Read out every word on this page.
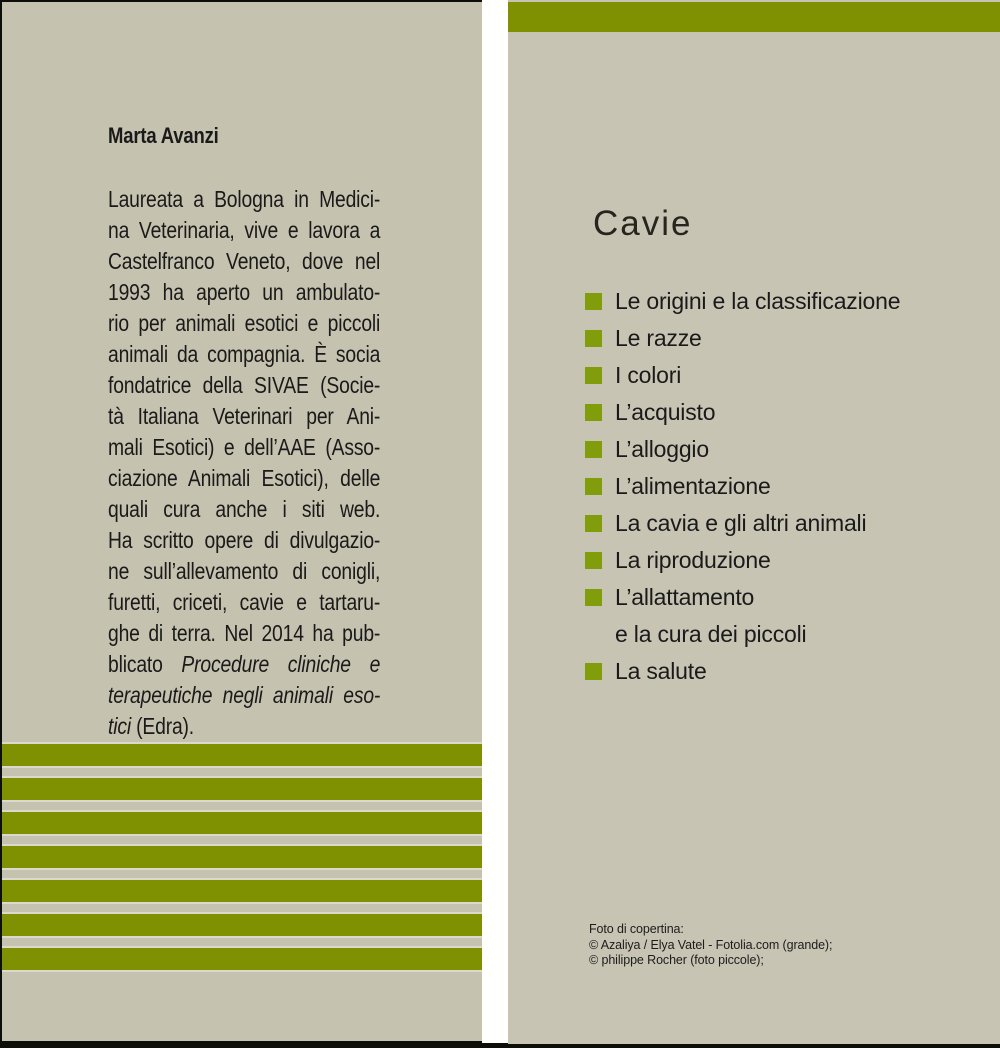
Marta Avanzi
Laureata a Bologna in Medici-
na Veterinaria, vive e lavora a
Castelfranco Veneto, dove nel
1993 ha aperto un ambulato-
rio per animali esotici e piccoli
animali da compagnia. È socia
fondatrice della SIVAE (Socie-
tà Italiana Veterinari per Ani-
mali Esotici) e dell’AAE (Asso-
ciazione Animali Esotici), delle
quali cura anche i siti web.
Ha scritto opere di divulgazio-
ne sull’allevamento di conigli,
furetti, criceti, cavie e tartaru-
ghe di terra. Nel 2014 ha pub-
blicato Procedure cliniche e
terapeutiche negli animali eso-
tici (Edra).
Cavie
Le origini e la classificazione
Le razze
I colori
L’acquisto
L’alloggio
L’alimentazione
La cavia e gli altri animali
La riproduzione
L’allattamento
e la cura dei piccoli
La salute
Foto di copertina:
© Azaliya / Elya Vatel - Fotolia.com (grande);
© philippe Rocher (foto piccole);
